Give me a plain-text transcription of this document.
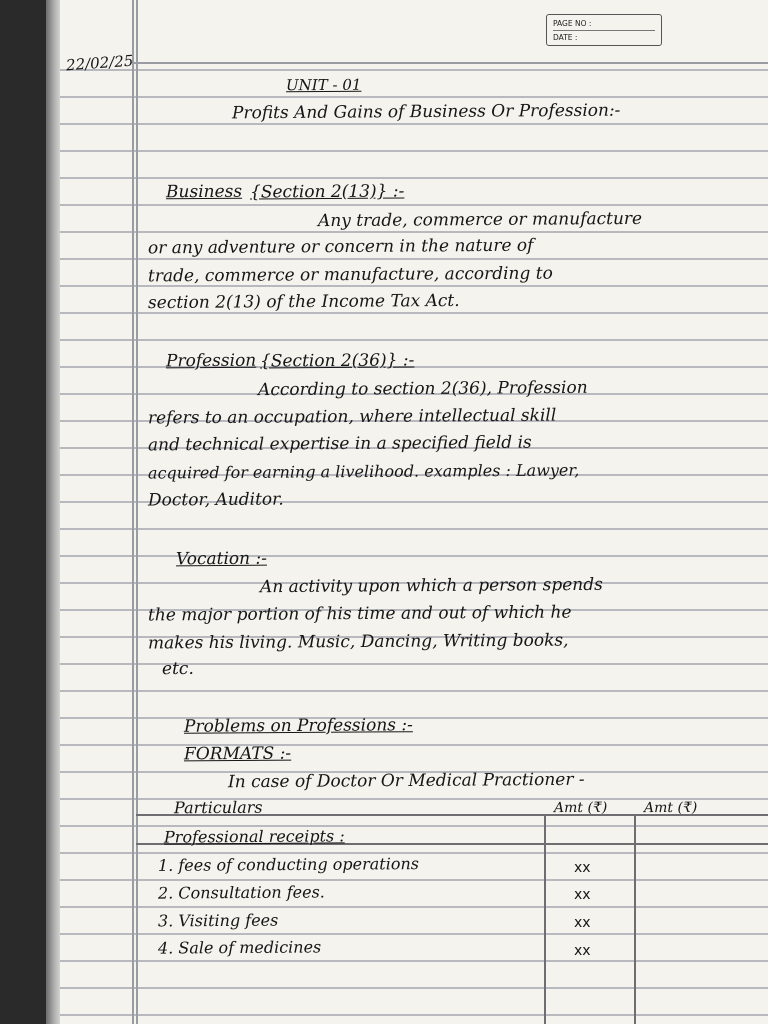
PAGE NO :
DATE :
22/02/25
UNIT - 01
Profits And Gains of Business Or Profession:-
Business {Section 2(13)} :-
Any trade, commerce or manufacture
or any adventure or concern in the nature of
trade, commerce or manufacture, according to
section 2(13) of the Income Tax Act.
Profession {Section 2(36)} :-
According to section 2(36), Profession
refers to an occupation, where intellectual skill
and technical expertise in a specified field is
acquired for earning a livelihood. examples : Lawyer,
Doctor, Auditor.
Vocation :-
An activity upon which a person spends
the major portion of his time and out of which he
makes his living. Music, Dancing, Writing books,
etc.
Problems on Professions :-
FORMATS :-
In case of Doctor Or Medical Practioner -
Particulars	Amt (₹)	Amt (₹)
Professional receipts :
1. fees of conducting operations	xx
2. Consultation fees.	xx
3. Visiting fees	xx
4. Sale of medicines	xx
